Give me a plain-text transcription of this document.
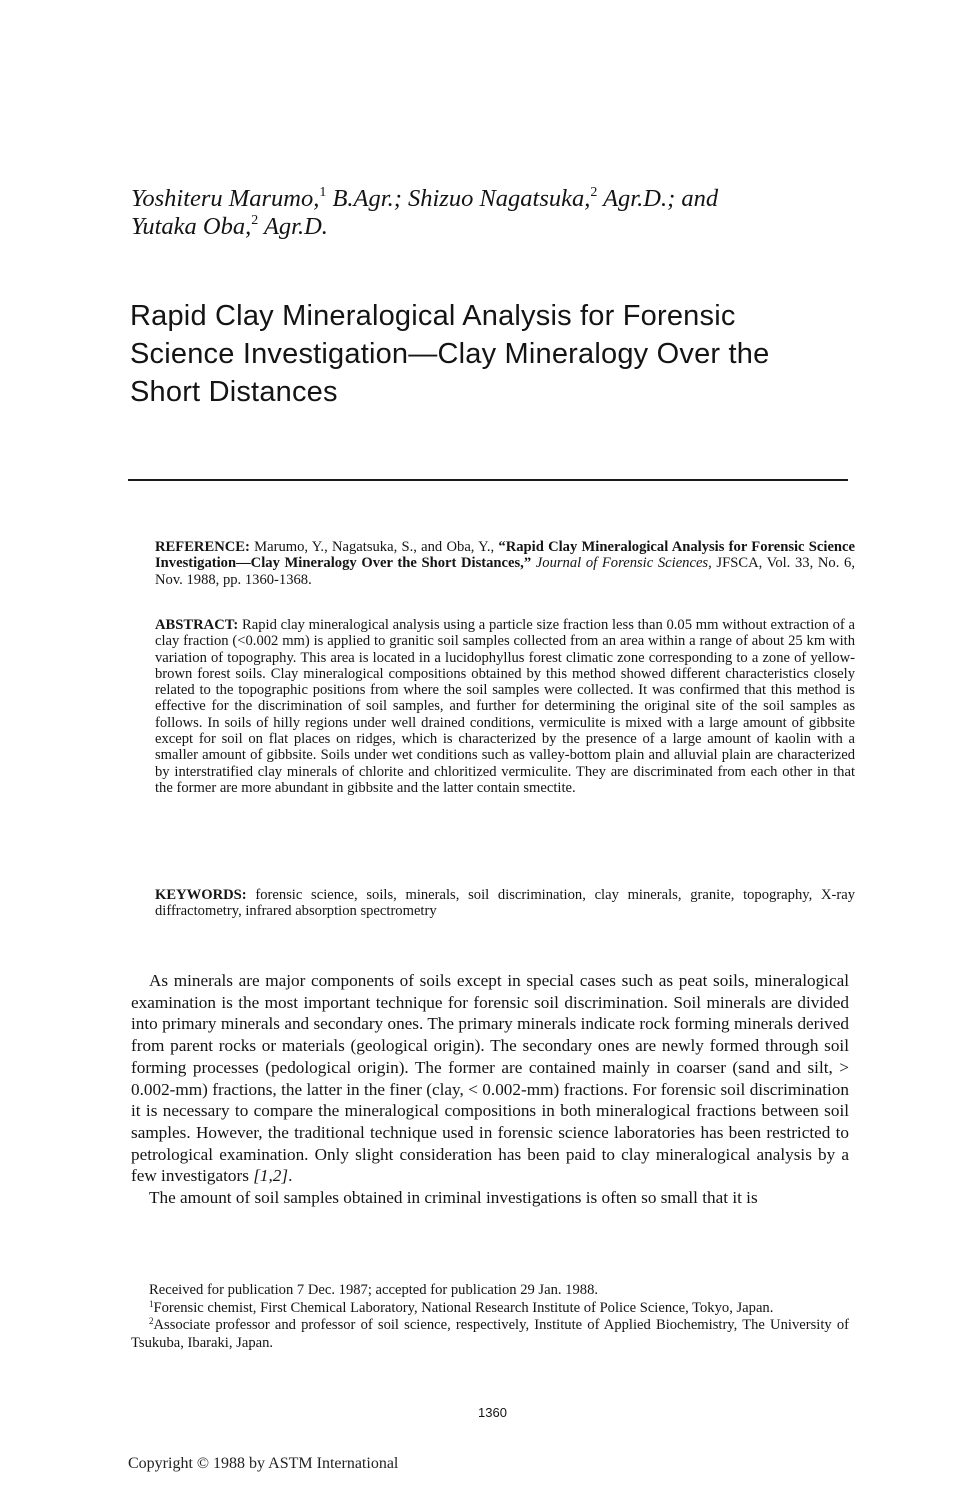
Yoshiteru Marumo,$^1$ B.Agr.; Shizuo Nagatsuka,$^2$ Agr.D.; and
Yutaka Oba,$^2$ Agr.D.
Rapid Clay Mineralogical Analysis for Forensic
Science Investigation—Clay Mineralogy Over the
Short Distances
REFERENCE: Marumo, Y., Nagatsuka, S., and Oba, Y., “Rapid Clay Mineralogical Analysis for Forensic Science Investigation—Clay Mineralogy Over the Short Distances,” Journal of Forensic Sciences, JFSCA, Vol. 33, No. 6, Nov. 1988, pp. 1360-1368.
ABSTRACT: Rapid clay mineralogical analysis using a particle size fraction less than 0.05 mm without extraction of a clay fraction (<0.002 mm) is applied to granitic soil samples collected from an area within a range of about 25 km with variation of topography. This area is located in a lucidophyllus forest climatic zone corresponding to a zone of yellow-brown forest soils. Clay mineralogical compositions obtained by this method showed different characteristics closely related to the topographic positions from where the soil samples were collected. It was confirmed that this method is effective for the discrimination of soil samples, and further for determining the original site of the soil samples as follows. In soils of hilly regions under well drained conditions, vermiculite is mixed with a large amount of gibbsite except for soil on flat places on ridges, which is characterized by the presence of a large amount of kaolin with a smaller amount of gibbsite. Soils under wet conditions such as valley-bottom plain and alluvial plain are characterized by interstratified clay minerals of chlorite and chloritized vermiculite. They are discriminated from each other in that the former are more abundant in gibbsite and the latter contain smectite.
KEYWORDS: forensic science, soils, minerals, soil discrimination, clay minerals, granite, topography, X-ray diffractometry, infrared absorption spectrometry

As minerals are major components of soils except in special cases such as peat soils, mineralogical examination is the most important technique for forensic soil discrimination. Soil minerals are divided into primary minerals and secondary ones. The primary minerals indicate rock forming minerals derived from parent rocks or materials (geological origin). The secondary ones are newly formed through soil forming processes (pedological origin). The former are contained mainly in coarser (sand and silt, > 0.002-mm) fractions, the latter in the finer (clay, < 0.002-mm) fractions. For forensic soil discrimination it is necessary to compare the mineralogical compositions in both mineralogical fractions between soil samples. However, the traditional technique used in forensic science laboratories has been restricted to petrological examination. Only slight consideration has been paid to clay mineralogical analysis by a few investigators [1,2].

The amount of soil samples obtained in criminal investigations is often so small that it is

Received for publication 7 Dec. 1987; accepted for publication 29 Jan. 1988.

$^1$Forensic chemist, First Chemical Laboratory, National Research Institute of Police Science, Tokyo, Japan.

$^2$Associate professor and professor of soil science, respectively, Institute of Applied Biochemistry, The University of Tsukuba, Ibaraki, Japan.

1360
Copyright © 1988 by ASTM International
